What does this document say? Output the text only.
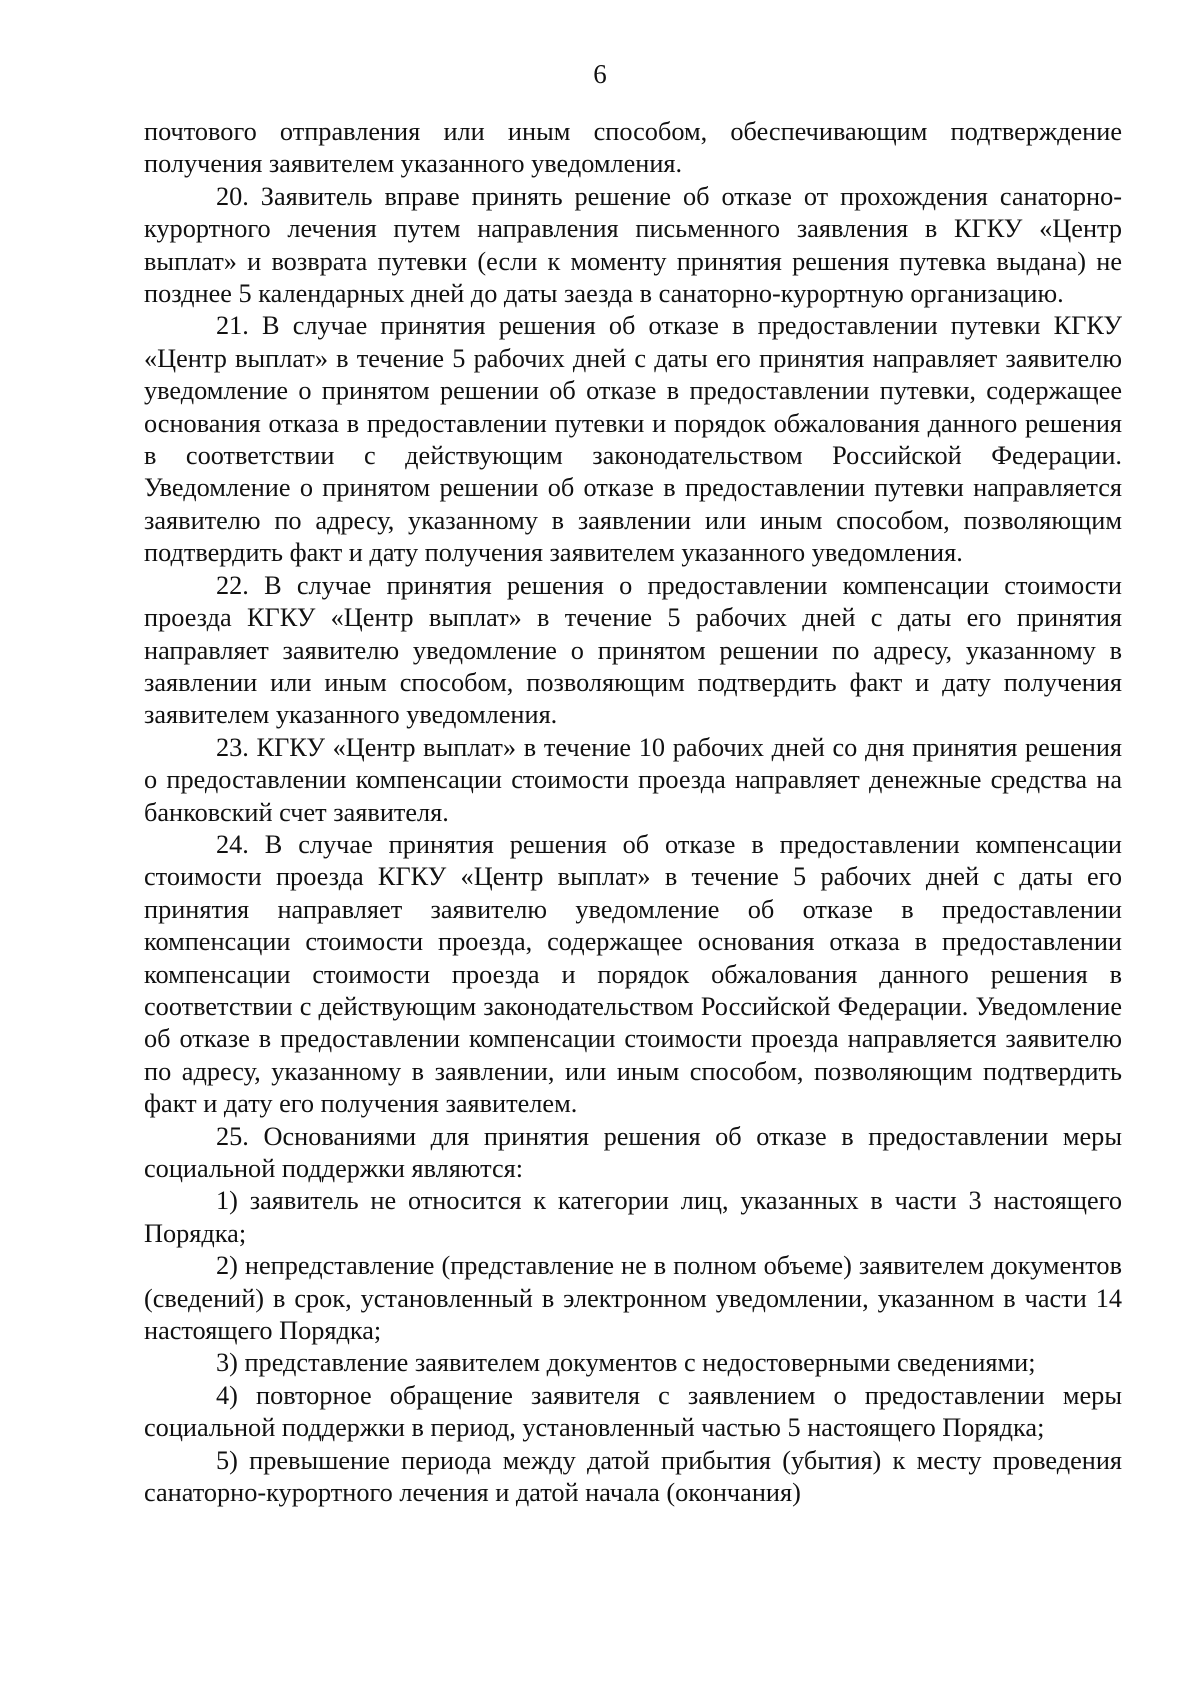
6

почтового отправления или иным способом, обеспечивающим подтверждение получения заявителем указанного уведомления.

20. Заявитель вправе принять решение об отказе от прохождения санаторно-курортного лечения путем направления письменного заявления в КГКУ «Центр выплат» и возврата путевки (если к моменту принятия решения путевка выдана) не позднее 5 календарных дней до даты заезда в санаторно-курортную организацию.

21. В случае принятия решения об отказе в предоставлении путевки КГКУ «Центр выплат» в течение 5 рабочих дней с даты его принятия направляет заявителю уведомление о принятом решении об отказе в предоставлении путевки, содержащее основания отказа в предоставлении путевки и порядок обжалования данного решения в соответствии с действующим законодательством Российской Федерации. Уведомление о принятом решении об отказе в предоставлении путевки направляется заявителю по адресу, указанному в заявлении или иным способом, позволяющим подтвердить факт и дату получения заявителем указанного уведомления.

22. В случае принятия решения о предоставлении компенсации стоимости проезда КГКУ «Центр выплат» в течение 5 рабочих дней с даты его принятия направляет заявителю уведомление о принятом решении по адресу, указанному в заявлении или иным способом, позволяющим подтвердить факт и дату получения заявителем указанного уведомления.

23. КГКУ «Центр выплат» в течение 10 рабочих дней со дня принятия решения о предоставлении компенсации стоимости проезда направляет денежные средства на банковский счет заявителя.

24. В случае принятия решения об отказе в предоставлении компенсации стоимости проезда КГКУ «Центр выплат» в течение 5 рабочих дней с даты его принятия направляет заявителю уведомление об отказе в предоставлении компенсации стоимости проезда, содержащее основания отказа в предоставлении компенсации стоимости проезда и порядок обжалования данного решения в соответствии с действующим законодательством Российской Федерации. Уведомление об отказе в предоставлении компенсации стоимости проезда направляется заявителю по адресу, указанному в заявлении, или иным способом, позволяющим подтвердить факт и дату его получения заявителем.

25. Основаниями для принятия решения об отказе в предоставлении меры социальной поддержки являются:

1) заявитель не относится к категории лиц, указанных в части 3 настоящего Порядка;

2) непредставление (представление не в полном объеме) заявителем документов (сведений) в срок, установленный в электронном уведомлении, указанном в части 14 настоящего Порядка;

3) представление заявителем документов с недостоверными сведениями;

4) повторное обращение заявителя с заявлением о предоставлении меры социальной поддержки в период, установленный частью 5 настоящего Порядка;

5) превышение периода между датой прибытия (убытия) к месту проведения санаторно-курортного лечения и датой начала (окончания)
